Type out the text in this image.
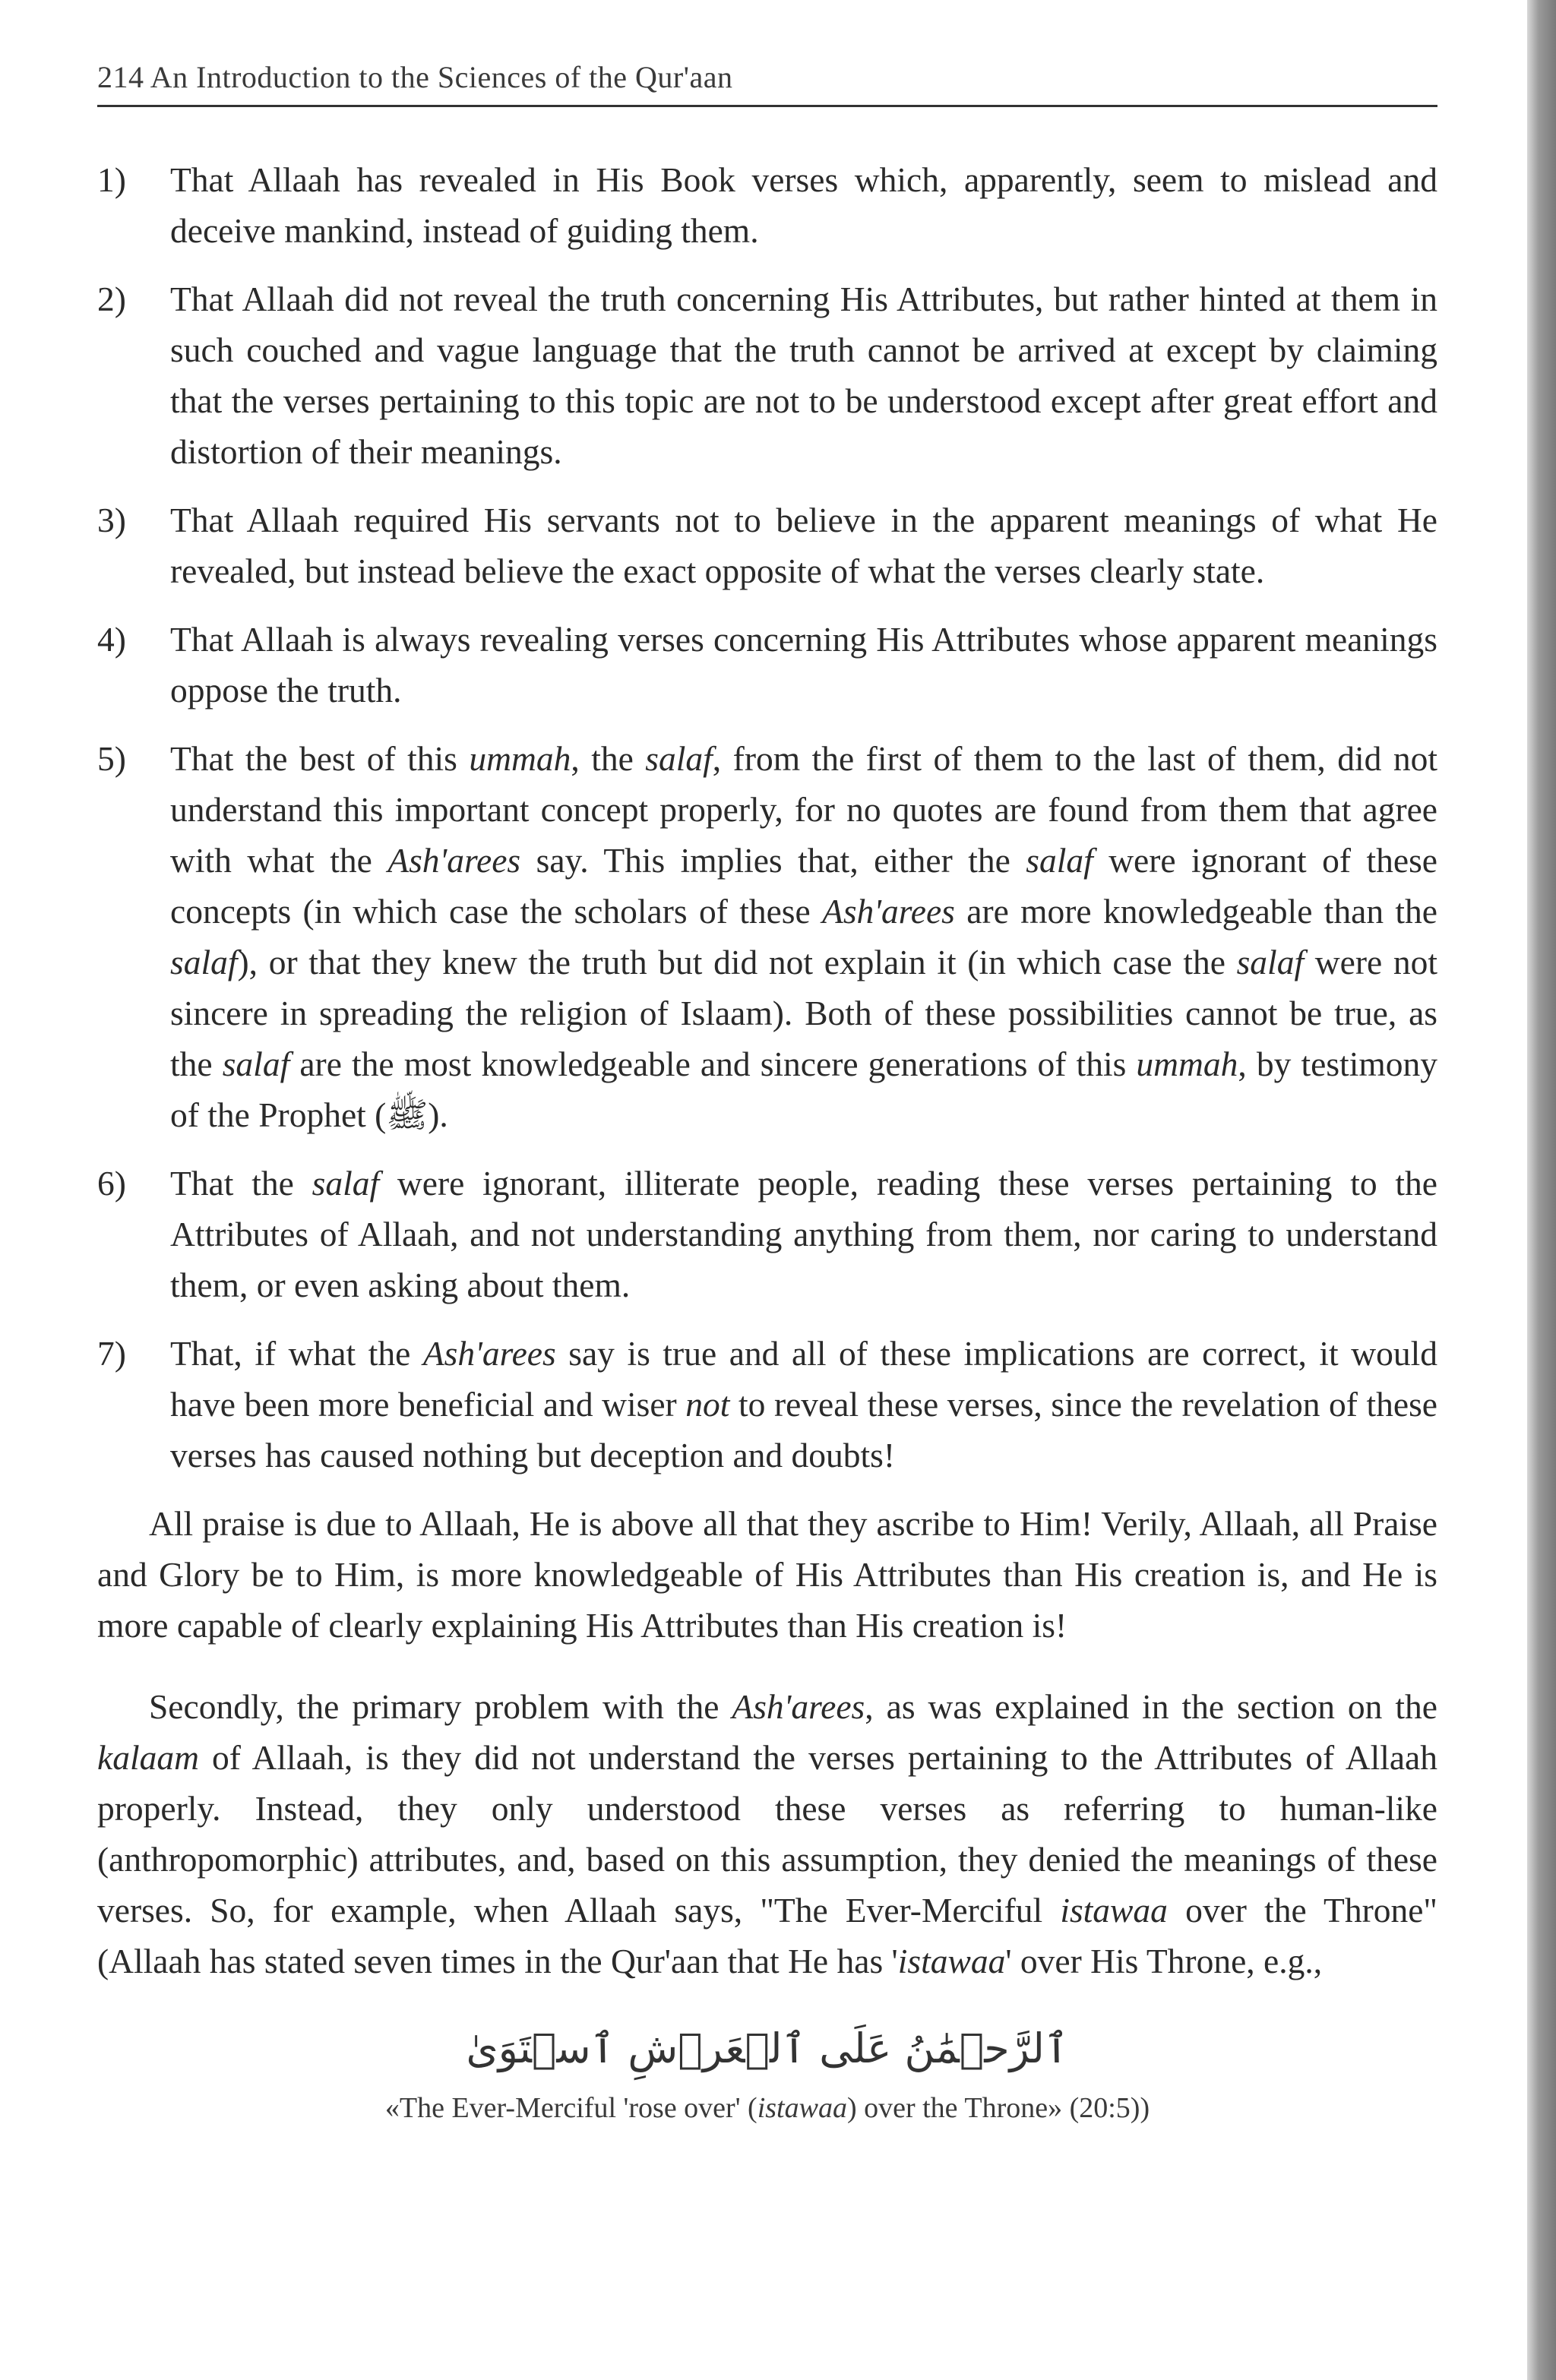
214 An Introduction to the Sciences of the Qur'aan
1)	That Allaah has revealed in His Book verses which, apparently, seem to mislead and deceive mankind, instead of guiding them.
2)	That Allaah did not reveal the truth concerning His Attributes, but rather hinted at them in such couched and vague language that the truth cannot be arrived at except by claiming that the verses pertaining to this topic are not to be understood except after great effort and distortion of their meanings.
3)	That Allaah required His servants not to believe in the apparent meanings of what He revealed, but instead believe the exact opposite of what the verses clearly state.
4)	That Allaah is always revealing verses concerning His Attributes whose apparent meanings oppose the truth.
5)	That the best of this ummah, the salaf, from the first of them to the last of them, did not understand this important concept properly, for no quotes are found from them that agree with what the Ash'arees say. This implies that, either the salaf were ignorant of these concepts (in which case the scholars of these Ash'arees are more knowledgeable than the salaf), or that they knew the truth but did not explain it (in which case the salaf were not sincere in spreading the religion of Islaam). Both of these possibilities cannot be true, as the salaf are the most knowledgeable and sincere generations of this ummah, by testimony of the Prophet (ﷺ).
6)	That the salaf were ignorant, illiterate people, reading these verses pertaining to the Attributes of Allaah, and not understanding anything from them, nor caring to understand them, or even asking about them.
7)	That, if what the Ash'arees say is true and all of these implications are correct, it would have been more beneficial and wiser not to reveal these verses, since the revelation of these verses has caused nothing but deception and doubts!

All praise is due to Allaah, He is above all that they ascribe to Him! Verily, Allaah, all Praise and Glory be to Him, is more knowledgeable of His Attributes than His creation is, and He is more capable of clearly explaining His Attributes than His creation is!

Secondly, the primary problem with the Ash'arees, as was explained in the section on the kalaam of Allaah, is they did not understand the verses pertaining to the Attributes of Allaah properly. Instead, they only understood these verses as referring to human-like (anthropomorphic) attributes, and, based on this assumption, they denied the meanings of these verses. So, for example, when Allaah says, "The Ever-Merciful istawaa over the Throne" (Allaah has stated seven times in the Qur'aan that He has 'istawaa' over His Throne, e.g.,

ٱلرَّحۡمَٰنُ عَلَى ٱلۡعَرۡشِ ٱسۡتَوَىٰ
«The Ever-Merciful 'rose over' (istawaa) over the Throne» (20:5))
